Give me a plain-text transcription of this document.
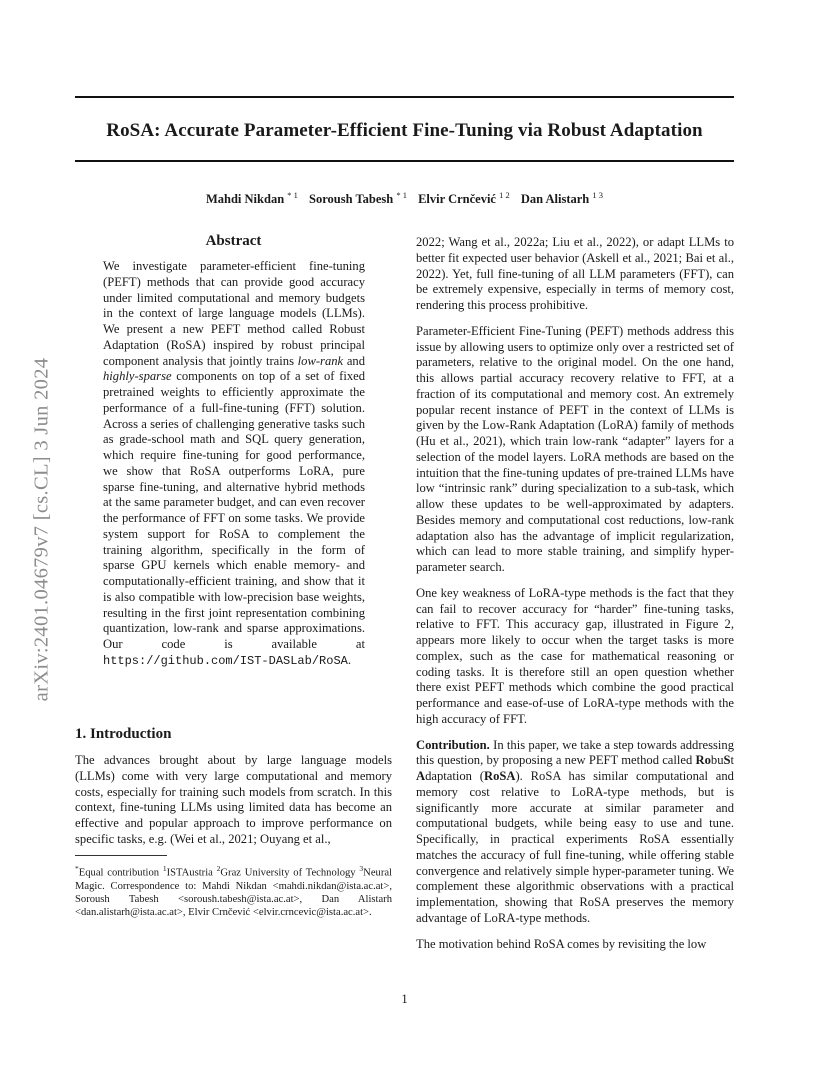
RoSA: Accurate Parameter-Efficient Fine-Tuning via Robust Adaptation
Mahdi Nikdan $^{* 1}$ Soroush Tabesh $^{* 1}$ Elvir Crnčević $^{1 2}$ Dan Alistarh $^{1 3}$
arXiv:2401.04679v7 [cs.CL] 3 Jun 2024
Abstract
We investigate parameter-efficient fine-tuning (PEFT) methods that can provide good accuracy under limited computational and memory budgets in the context of large language models (LLMs). We present a new PEFT method called Robust Adaptation (RoSA) inspired by robust principal component analysis that jointly trains low-rank and highly-sparse components on top of a set of fixed pretrained weights to efficiently approximate the performance of a full-fine-tuning (FFT) solution. Across a series of challenging generative tasks such as grade-school math and SQL query generation, which require fine-tuning for good performance, we show that RoSA outperforms LoRA, pure sparse fine-tuning, and alternative hybrid methods at the same parameter budget, and can even recover the performance of FFT on some tasks. We provide system support for RoSA to complement the training algorithm, specifically in the form of sparse GPU kernels which enable memory- and computationally-efficient training, and show that it is also compatible with low-precision base weights, resulting in the first joint representation combining quantization, low-rank and sparse approximations. Our code is available at https://github.com/IST-DASLab/RoSA.
1. Introduction
The advances brought about by large language models (LLMs) come with very large computational and memory costs, especially for training such models from scratch. In this context, fine-tuning LLMs using limited data has become an effective and popular approach to improve performance on specific tasks, e.g. (Wei et al., 2021; Ouyang et al.,
*Equal contribution $^1$ISTAustria $^2$Graz University of Technology $^3$Neural Magic. Correspondence to: Mahdi Nikdan <mahdi.nikdan@ista.ac.at>, Soroush Tabesh <soroush.tabesh@ista.ac.at>, Dan Alistarh <dan.alistarh@ista.ac.at>, Elvir Crnčević <elvir.crncevic@ista.ac.at>.

2022; Wang et al., 2022a; Liu et al., 2022), or adapt LLMs to better fit expected user behavior (Askell et al., 2021; Bai et al., 2022). Yet, full fine-tuning of all LLM parameters (FFT), can be extremely expensive, especially in terms of memory cost, rendering this process prohibitive.

Parameter-Efficient Fine-Tuning (PEFT) methods address this issue by allowing users to optimize only over a restricted set of parameters, relative to the original model. On the one hand, this allows partial accuracy recovery relative to FFT, at a fraction of its computational and memory cost. An extremely popular recent instance of PEFT in the context of LLMs is given by the Low-Rank Adaptation (LoRA) family of methods (Hu et al., 2021), which train low-rank “adapter” layers for a selection of the model layers. LoRA methods are based on the intuition that the fine-tuning updates of pre-trained LLMs have low “intrinsic rank” during specialization to a sub-task, which allow these updates to be well-approximated by adapters. Besides memory and computational cost reductions, low-rank adaptation also has the advantage of implicit regularization, which can lead to more stable training, and simplify hyper-parameter search.

One key weakness of LoRA-type methods is the fact that they can fail to recover accuracy for “harder” fine-tuning tasks, relative to FFT. This accuracy gap, illustrated in Figure 2, appears more likely to occur when the target tasks is more complex, such as the case for mathematical reasoning or coding tasks. It is therefore still an open question whether there exist PEFT methods which combine the good practical performance and ease-of-use of LoRA-type methods with the high accuracy of FFT.

Contribution. In this paper, we take a step towards addressing this question, by proposing a new PEFT method called RobuSt Adaptation (RoSA). RoSA has similar computational and memory cost relative to LoRA-type methods, but is significantly more accurate at similar parameter and computational budgets, while being easy to use and tune. Specifically, in practical experiments RoSA essentially matches the accuracy of full fine-tuning, while offering stable convergence and relatively simple hyper-parameter tuning. We complement these algorithmic observations with a practical implementation, showing that RoSA preserves the memory advantage of LoRA-type methods.

The motivation behind RoSA comes by revisiting the low

1
